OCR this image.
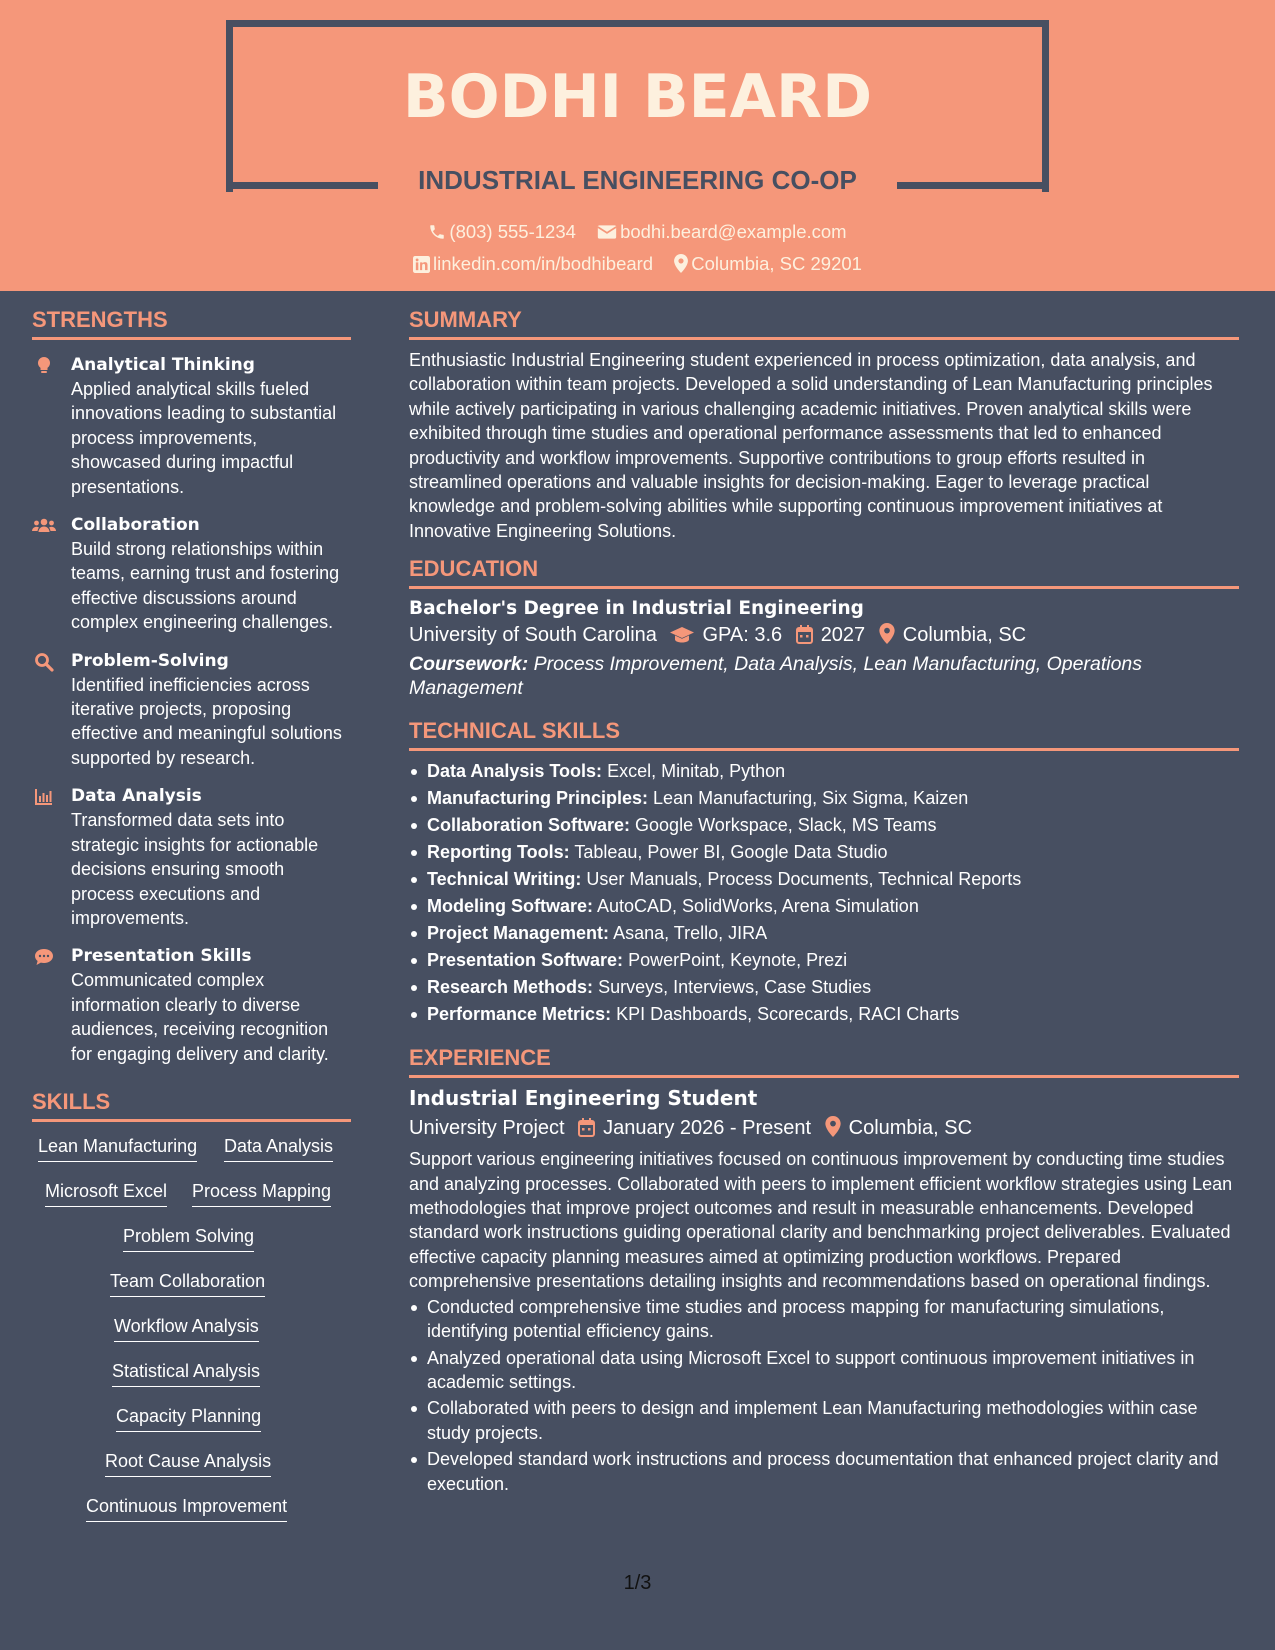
BODHI BEARD
INDUSTRIAL ENGINEERING CO-OP
(803) 555-1234 bodhi.beard@example.com
linkedin.com/in/bodhibeard Columbia, SC 29201
STRENGTHS
Analytical Thinking
Applied analytical skills fueled innovations leading to substantial process improvements, showcased during impactful presentations.
Collaboration
Build strong relationships within teams, earning trust and fostering effective discussions around complex engineering challenges.
Problem-Solving
Identified inefficiencies across iterative projects, proposing effective and meaningful solutions supported by research.
Data Analysis
Transformed data sets into strategic insights for actionable decisions ensuring smooth process executions and improvements.
Presentation Skills
Communicated complex information clearly to diverse audiences, receiving recognition for engaging delivery and clarity.
SKILLS
Lean Manufacturing Data Analysis
Microsoft Excel Process Mapping
Problem Solving
Team Collaboration
Workflow Analysis
Statistical Analysis
Capacity Planning
Root Cause Analysis
Continuous Improvement
SUMMARY

Enthusiastic Industrial Engineering student experienced in process optimization, data analysis, and collaboration within team projects. Developed a solid understanding of Lean Manufacturing principles while actively participating in various challenging academic initiatives. Proven analytical skills were exhibited through time studies and operational performance assessments that led to enhanced productivity and workflow improvements. Supportive contributions to group efforts resulted in streamlined operations and valuable insights for decision-making. Eager to leverage practical knowledge and problem-solving abilities while supporting continuous improvement initiatives at Innovative Engineering Solutions.

EDUCATION
Bachelor's Degree in Industrial Engineering
University of South Carolina GPA: 3.6 2027 Columbia, SC
Coursework: Process Improvement, Data Analysis, Lean Manufacturing, Operations Management
TECHNICAL SKILLS
Data Analysis Tools: Excel, Minitab, Python
Manufacturing Principles: Lean Manufacturing, Six Sigma, Kaizen
Collaboration Software: Google Workspace, Slack, MS Teams
Reporting Tools: Tableau, Power BI, Google Data Studio
Technical Writing: User Manuals, Process Documents, Technical Reports
Modeling Software: AutoCAD, SolidWorks, Arena Simulation
Project Management: Asana, Trello, JIRA
Presentation Software: PowerPoint, Keynote, Prezi
Research Methods: Surveys, Interviews, Case Studies
Performance Metrics: KPI Dashboards, Scorecards, RACI Charts
EXPERIENCE
Industrial Engineering Student
University Project January 2026 - Present Columbia, SC

Support various engineering initiatives focused on continuous improvement by conducting time studies and analyzing processes. Collaborated with peers to implement efficient workflow strategies using Lean methodologies that improve project outcomes and result in measurable enhancements. Developed standard work instructions guiding operational clarity and benchmarking project deliverables. Evaluated effective capacity planning measures aimed at optimizing production workflows. Prepared comprehensive presentations detailing insights and recommendations based on operational findings.

Conducted comprehensive time studies and process mapping for manufacturing simulations, identifying potential efficiency gains.
Analyzed operational data using Microsoft Excel to support continuous improvement initiatives in academic settings.
Collaborated with peers to design and implement Lean Manufacturing methodologies within case study projects.
Developed standard work instructions and process documentation that enhanced project clarity and execution.
1/3
